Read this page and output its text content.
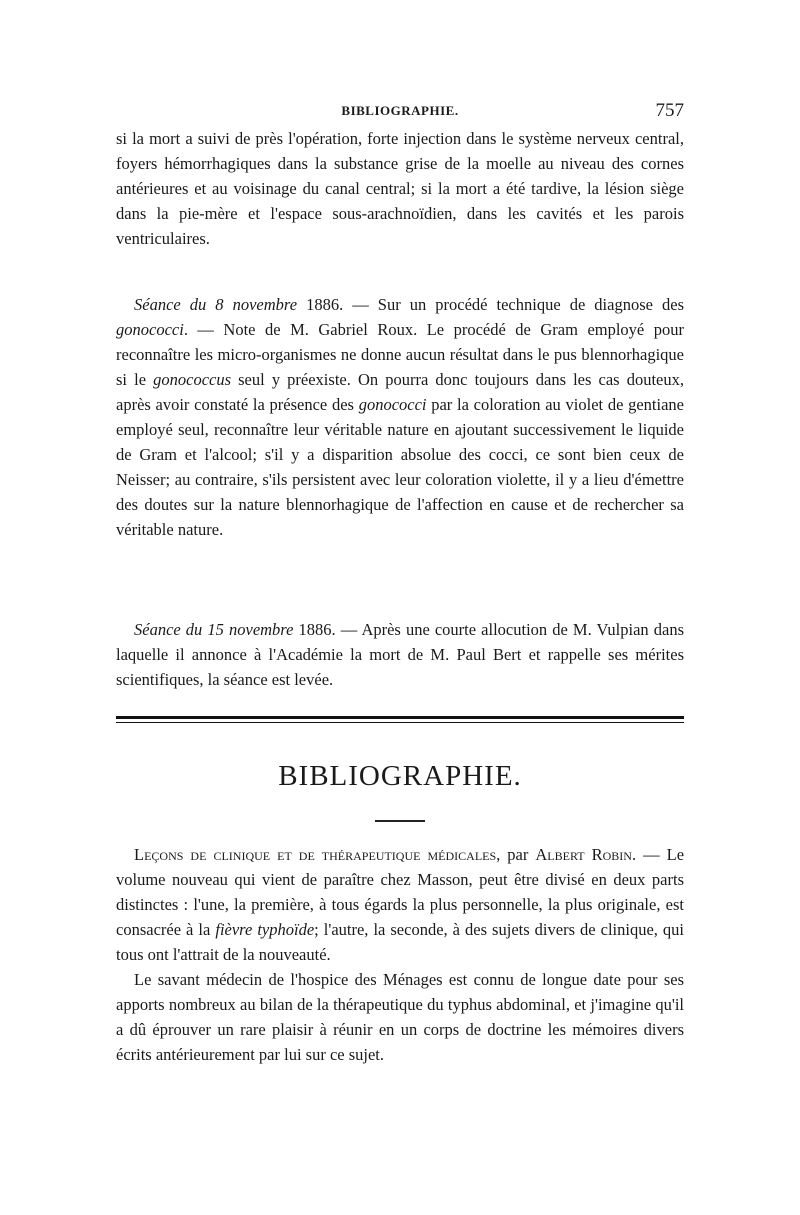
BIBLIOGRAPHIE.	757

si la mort a suivi de près l'opération, forte injection dans le système nerveux central, foyers hémorrhagiques dans la substance grise de la moelle au niveau des cornes antérieures et au voisinage du canal central; si la mort a été tardive, la lésion siège dans la pie-mère et l'espace sous-arachnoïdien, dans les cavités et les parois ventriculaires.

Séance du 8 novembre 1886. — Sur un procédé technique de diagnose des gonococci. — Note de M. Gabriel Roux. Le procédé de Gram employé pour reconnaître les micro-organismes ne donne aucun résultat dans le pus blennorhagique si le gonococcus seul y préexiste. On pourra donc toujours dans les cas douteux, après avoir constaté la présence des gonococci par la coloration au violet de gentiane employé seul, reconnaître leur véritable nature en ajoutant successivement le liquide de Gram et l'alcool; s'il y a disparition absolue des cocci, ce sont bien ceux de Neisser; au contraire, s'ils persistent avec leur coloration violette, il y a lieu d'émettre des doutes sur la nature blennorhagique de l'affection en cause et de rechercher sa véritable nature.

Séance du 15 novembre 1886. — Après une courte allocution de M. Vulpian dans laquelle il annonce à l'Académie la mort de M. Paul Bert et rappelle ses mérites scientifiques, la séance est levée.

BIBLIOGRAPHIE.

Leçons de clinique et de thérapeutique médicales, par Albert Robin. — Le volume nouveau qui vient de paraître chez Masson, peut être divisé en deux parts distinctes : l'une, la première, à tous égards la plus personnelle, la plus originale, est consacrée à la fièvre typhoïde; l'autre, la seconde, à des sujets divers de clinique, qui tous ont l'attrait de la nouveauté.

Le savant médecin de l'hospice des Ménages est connu de longue date pour ses apports nombreux au bilan de la thérapeutique du typhus abdominal, et j'imagine qu'il a dû éprouver un rare plaisir à réunir en un corps de doctrine les mémoires divers écrits antérieurement par lui sur ce sujet.
